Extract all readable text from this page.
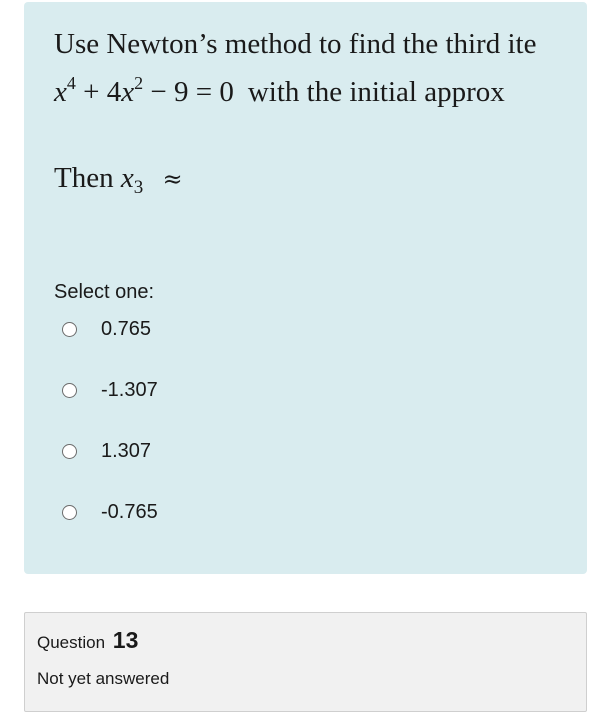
Use Newton’s method to find the third ite
$x^4 + 4x^2 - 9 = 0$ with the initial approx
Then $x_3$ ≈
Select one:
0.765
-1.307
1.307
-0.765
Question 13
Not yet answered
